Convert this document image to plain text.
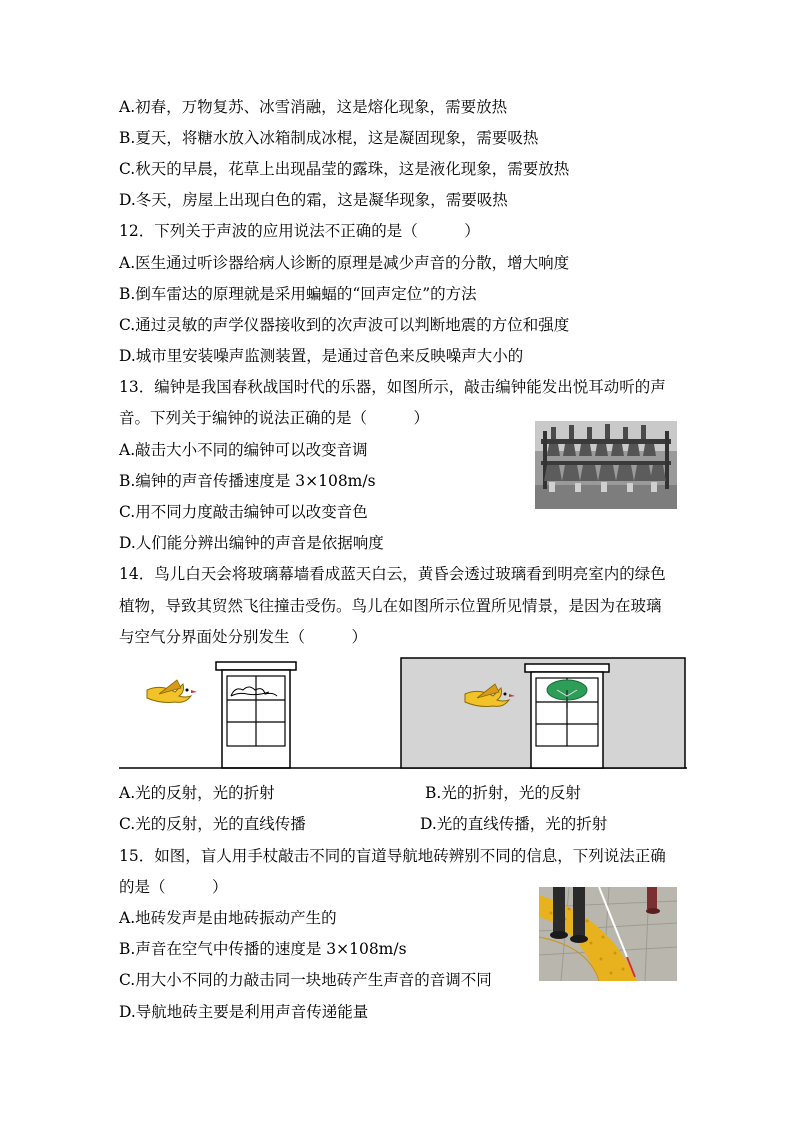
A.初春，万物复苏、冰雪消融，这是熔化现象，需要放热
B.夏天，将糖水放入冰箱制成冰棍，这是凝固现象，需要吸热
C.秋天的早晨，花草上出现晶莹的露珠，这是液化现象，需要放热
D.冬天，房屋上出现白色的霜，这是凝华现象，需要吸热
12．下列关于声波的应用说法不正确的是（　　　）
A.医生通过听诊器给病人诊断的原理是减少声音的分散，增大响度
B.倒车雷达的原理就是采用蝙蝠的“回声定位”的方法
C.通过灵敏的声学仪器接收到的次声波可以判断地震的方位和强度
D.城市里安装噪声监测装置，是通过音色来反映噪声大小的
13．编钟是我国春秋战国时代的乐器，如图所示，敲击编钟能发出悦耳动听的声
音。下列关于编钟的说法正确的是（　　　）
A.敲击大小不同的编钟可以改变音调
B.编钟的声音传播速度是 3×108m/s
C.用不同力度敲击编钟可以改变音色
D.人们能分辨出编钟的声音是依据响度
14．鸟儿白天会将玻璃幕墙看成蓝天白云，黄昏会透过玻璃看到明亮室内的绿色
植物，导致其贸然飞往撞击受伤。鸟儿在如图所示位置所见情景，是因为在玻璃
与空气分界面处分别发生（　　　）
A.光的反射，光的折射	B.光的折射，光的反射
C.光的反射，光的直线传播	D.光的直线传播，光的折射
15．如图，盲人用手杖敲击不同的盲道导航地砖辨别不同的信息，下列说法正确
的是（　　　）
A.地砖发声是由地砖振动产生的
B.声音在空气中传播的速度是 3×108m/s
C.用大小不同的力敲击同一块地砖产生声音的音调不同
D.导航地砖主要是利用声音传递能量
